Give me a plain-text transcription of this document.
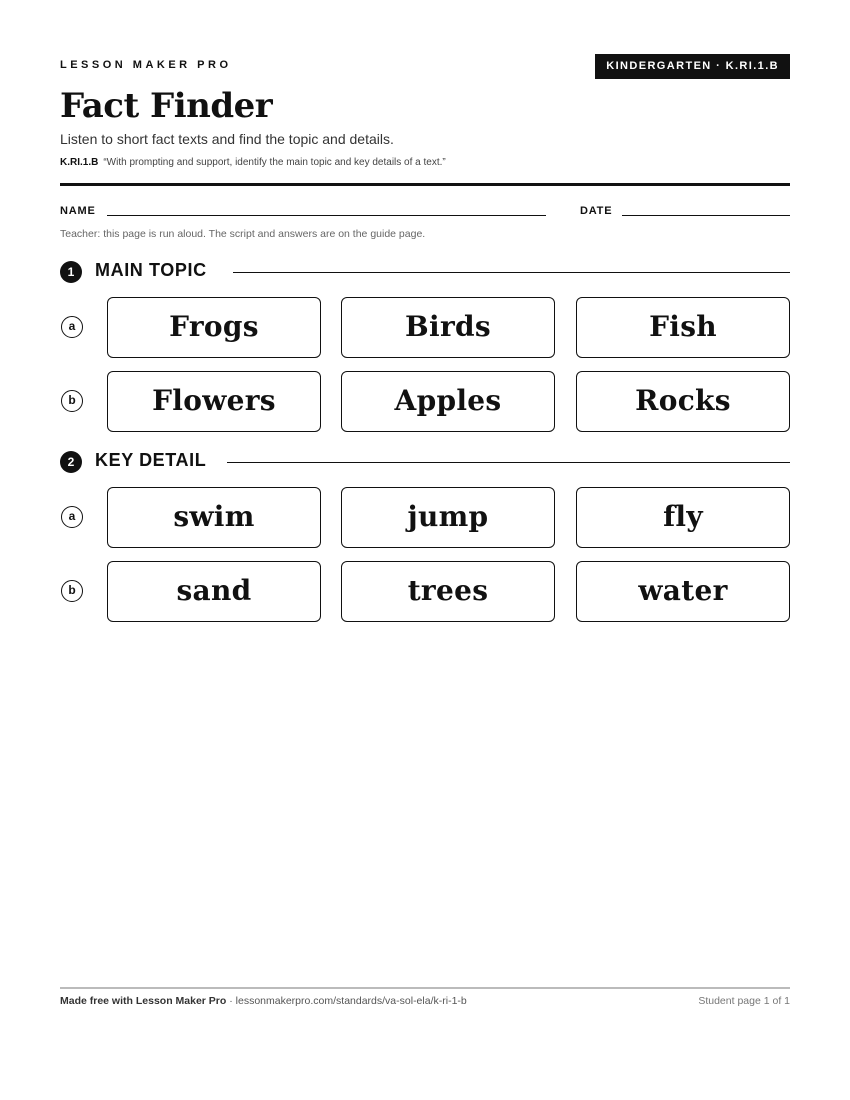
LESSON MAKER PRO	KINDERGARTEN · K.RI.1.B
Fact Finder
Listen to short fact texts and find the topic and details.
K.RI.1.B “With prompting and support, identify the main topic and key details of a text.”
NAME	DATE
Teacher: this page is run aloud. The script and answers are on the guide page.
1	MAIN TOPIC
a	Frogs	Birds	Fish
b	Flowers	Apples	Rocks
2	KEY DETAIL
a	swim	jump	fly
b	sand	trees	water
Made free with Lesson Maker Pro · lessonmakerpro.com/standards/va-sol-ela/k-ri-1-b	Student page 1 of 1
